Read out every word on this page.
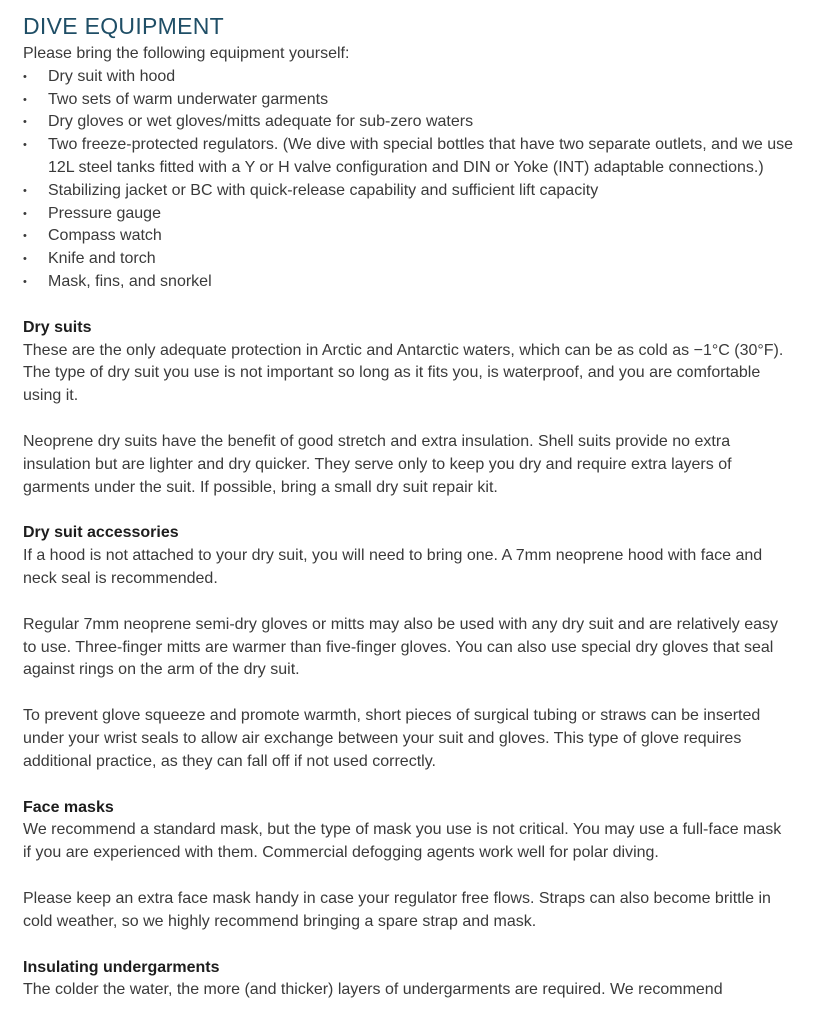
DIVE EQUIPMENT

Please bring the following equipment yourself:

•	Dry suit with hood
•	Two sets of warm underwater garments
•	Dry gloves or wet gloves/mitts adequate for sub-zero waters
•	Two freeze-protected regulators. (We dive with special bottles that have two separate outlets, and we use 12L steel tanks fitted with a Y or H valve configuration and DIN or Yoke (INT) adaptable connections.)
•	Stabilizing jacket or BC with quick-release capability and sufficient lift capacity
•	Pressure gauge
•	Compass watch
•	Knife and torch
•	Mask, fins, and snorkel
Dry suits

These are the only adequate protection in Arctic and Antarctic waters, which can be as cold as −1°C (30°F). The type of dry suit you use is not important so long as it fits you, is waterproof, and you are comfortable using it.

Neoprene dry suits have the benefit of good stretch and extra insulation. Shell suits provide no extra insulation but are lighter and dry quicker. They serve only to keep you dry and require extra layers of garments under the suit. If possible, bring a small dry suit repair kit.

Dry suit accessories

If a hood is not attached to your dry suit, you will need to bring one. A 7mm neoprene hood with face and neck seal is recommended.

Regular 7mm neoprene semi-dry gloves or mitts may also be used with any dry suit and are relatively easy to use. Three-finger mitts are warmer than five-finger gloves. You can also use special dry gloves that seal against rings on the arm of the dry suit.

To prevent glove squeeze and promote warmth, short pieces of surgical tubing or straws can be inserted under your wrist seals to allow air exchange between your suit and gloves. This type of glove requires additional practice, as they can fall off if not used correctly.

Face masks

We recommend a standard mask, but the type of mask you use is not critical. You may use a full-face mask if you are experienced with them. Commercial defogging agents work well for polar diving.

Please keep an extra face mask handy in case your regulator free flows. Straps can also become brittle in cold weather, so we highly recommend bringing a spare strap and mask.

Insulating undergarments

The colder the water, the more (and thicker) layers of undergarments are required. We recommend
